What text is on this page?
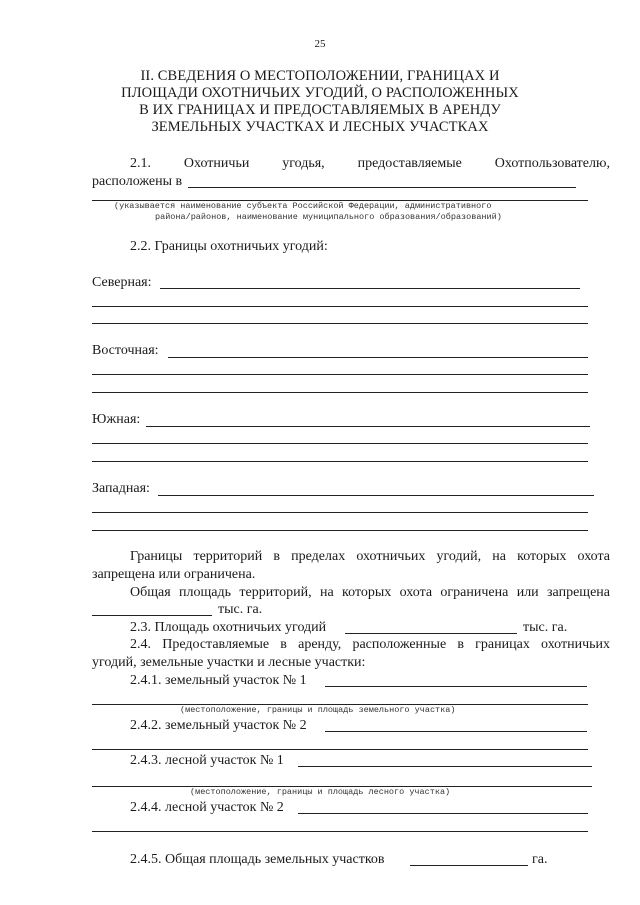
25
II. СВЕДЕНИЯ О МЕСТОПОЛОЖЕНИИ, ГРАНИЦАХ И
ПЛОЩАДИ ОХОТНИЧЬИХ УГОДИЙ, О РАСПОЛОЖЕННЫХ
В ИХ ГРАНИЦАХ И ПРЕДОСТАВЛЯЕМЫХ В АРЕНДУ
ЗЕМЕЛЬНЫХ УЧАСТКАХ И ЛЕСНЫХ УЧАСТКАХ
2.1. Охотничьи угодья, предоставляемые Охотпользователю,
расположены в
(указывается наименование субъекта Российской Федерации, административного
района/районов, наименование муниципального образования/образований)
2.2. Границы охотничьих угодий:
Северная:
Восточная:
Южная:
Западная:
Границы территорий в пределах охотничьих угодий, на которых охота
запрещена или ограничена.
Общая площадь территорий, на которых охота ограничена или запрещена
тыс. га.
2.3. Площадь охотничьих угодий	тыс. га.
2.4. Предоставляемые в аренду, расположенные в границах охотничьих
угодий, земельные участки и лесные участки:
2.4.1. земельный участок № 1
(местоположение, границы и площадь земельного участка)
2.4.2. земельный участок № 2
2.4.3. лесной участок № 1
(местоположение, границы и площадь лесного участка)
2.4.4. лесной участок № 2
2.4.5. Общая площадь земельных участков	га.
